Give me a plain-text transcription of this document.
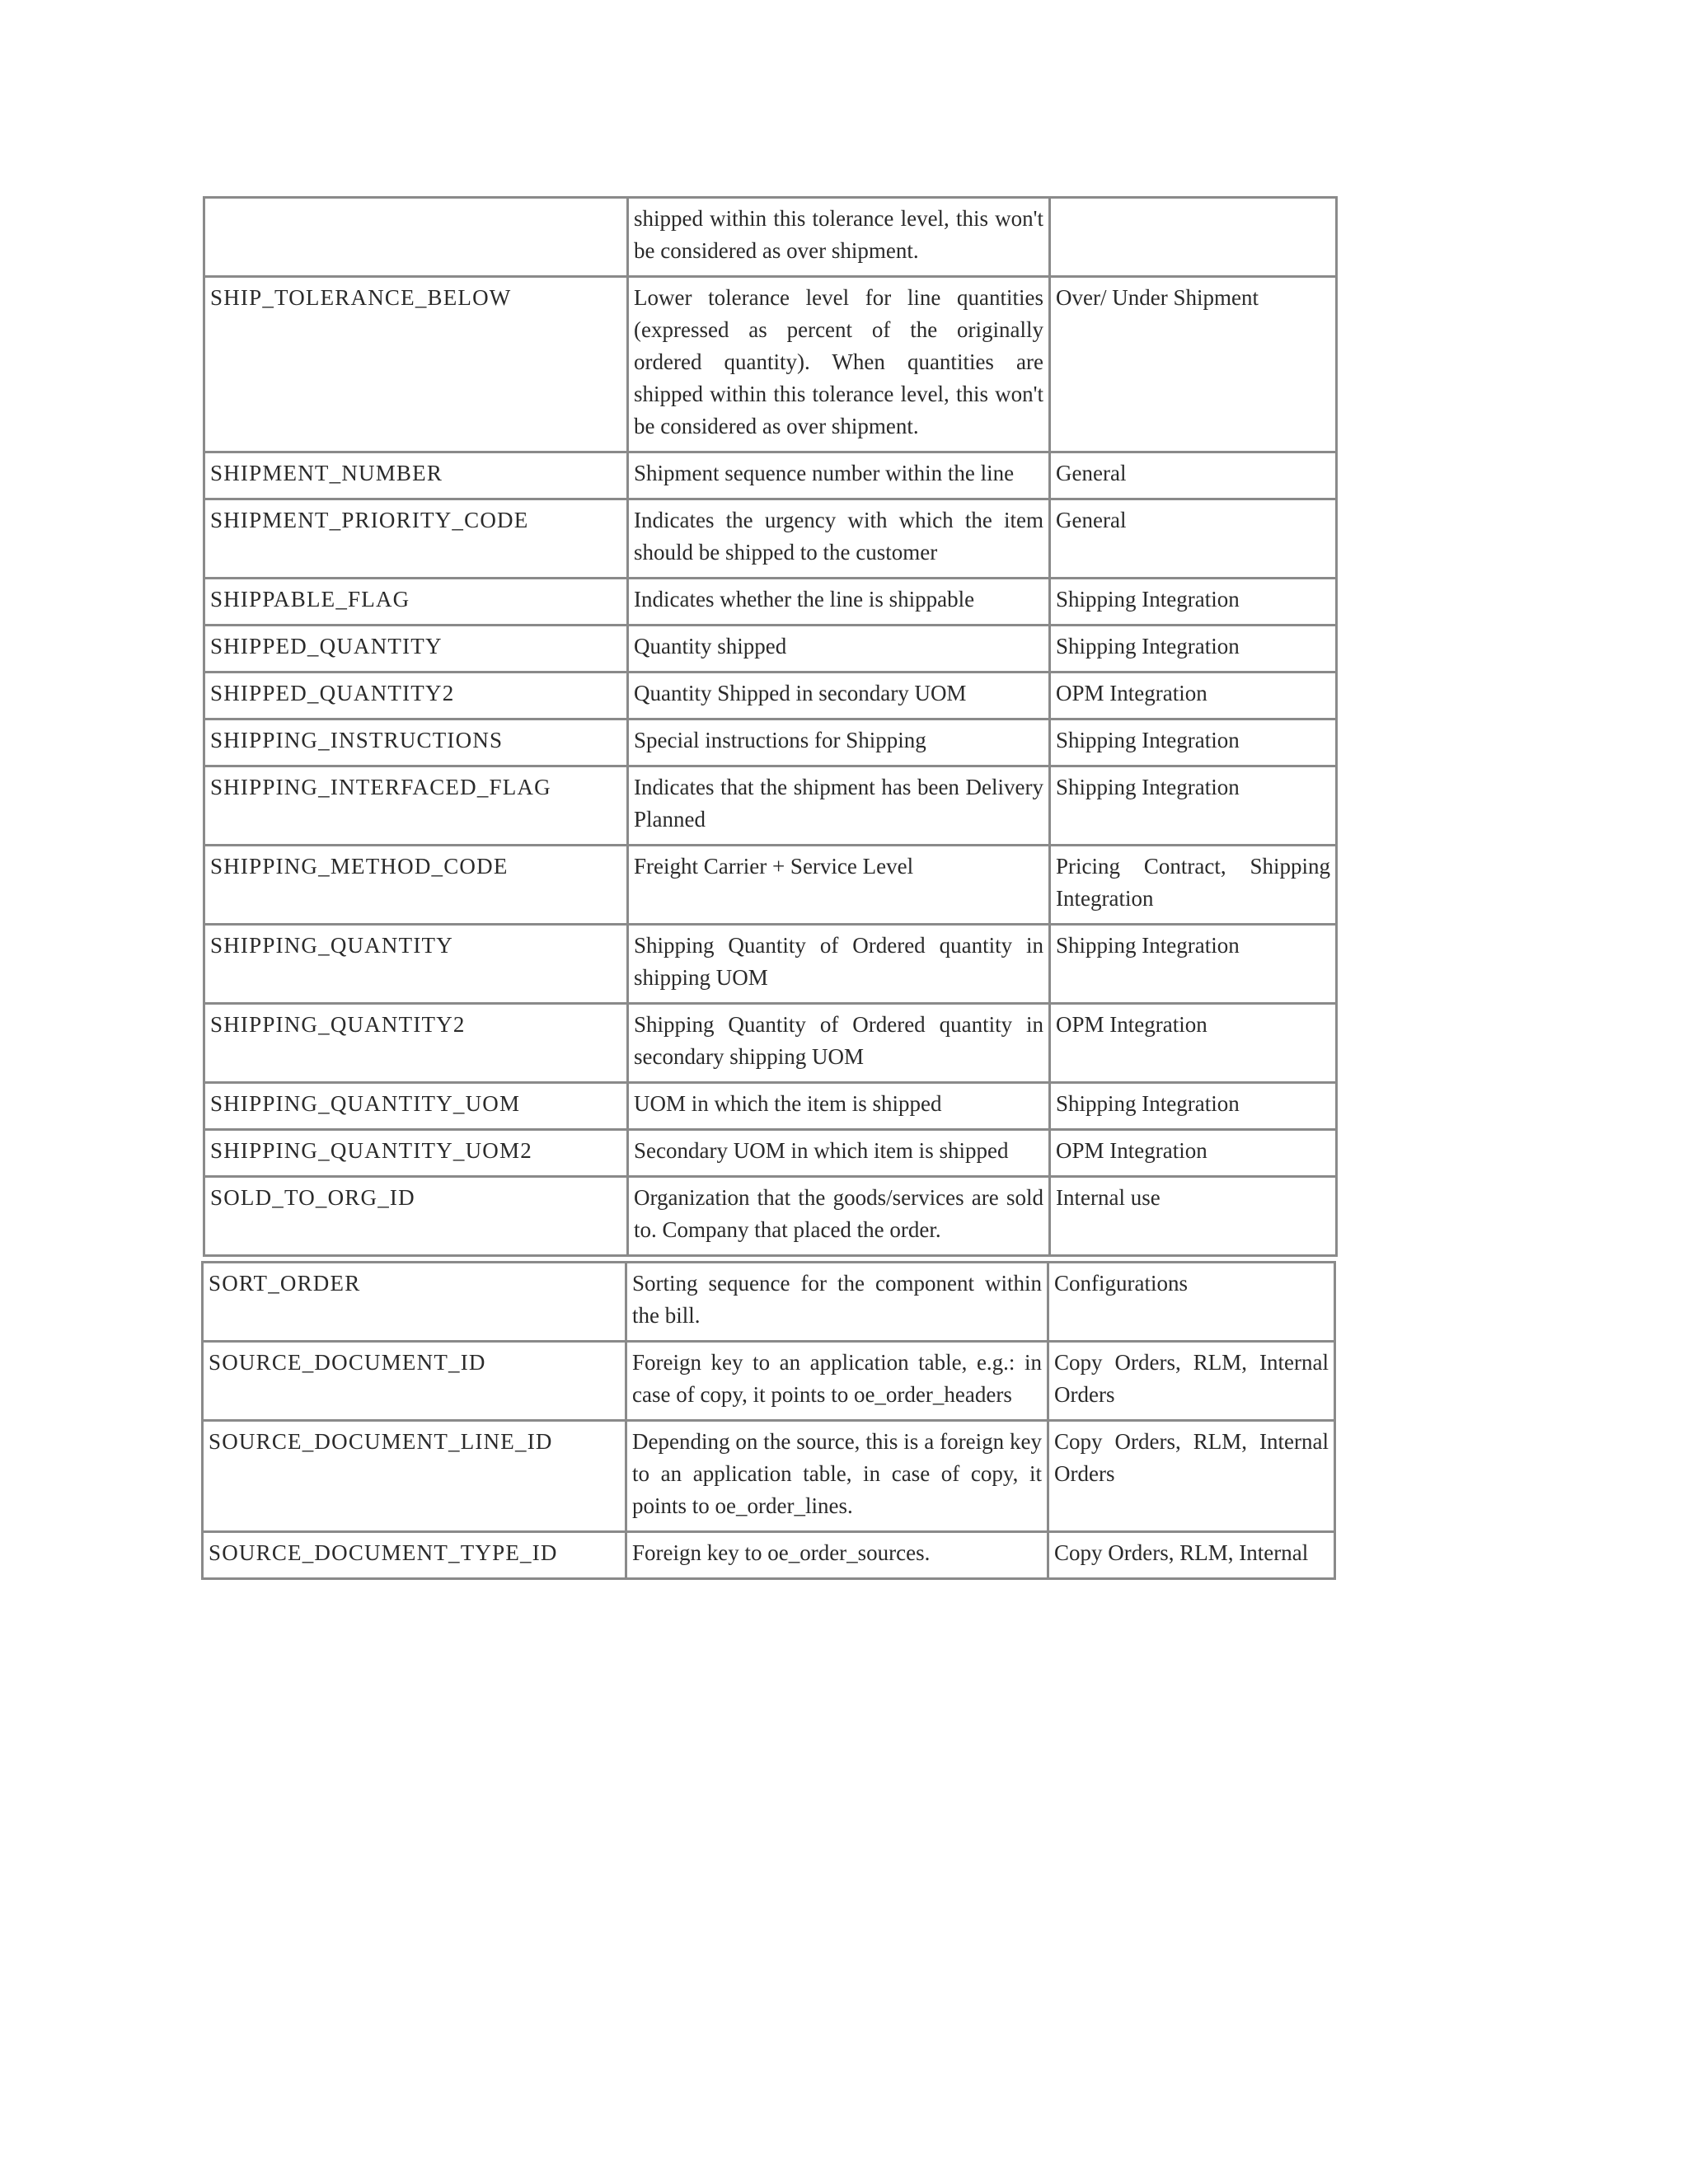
	shipped within this tolerance level, this won't be considered as over shipment.	
SHIP_TOLERANCE_BELOW	Lower tolerance level for line quantities (expressed as percent of the originally ordered quantity). When quantities are shipped within this tolerance level, this won't be considered as over shipment.	Over/ Under Shipment
SHIPMENT_NUMBER	Shipment sequence number within the line	General
SHIPMENT_PRIORITY_CODE	Indicates the urgency with which the item should be shipped to the customer	General
SHIPPABLE_FLAG	Indicates whether the line is shippable	Shipping Integration
SHIPPED_QUANTITY	Quantity shipped	Shipping Integration
SHIPPED_QUANTITY2	Quantity Shipped in secondary UOM	OPM Integration
SHIPPING_INSTRUCTIONS	Special instructions for Shipping	Shipping Integration
SHIPPING_INTERFACED_FLAG	Indicates that the shipment has been Delivery Planned	Shipping Integration
SHIPPING_METHOD_CODE	Freight Carrier + Service Level	Pricing Contract, Shipping Integration
SHIPPING_QUANTITY	Shipping Quantity of Ordered quantity in shipping UOM	Shipping Integration
SHIPPING_QUANTITY2	Shipping Quantity of Ordered quantity in secondary shipping UOM	OPM Integration
SHIPPING_QUANTITY_UOM	UOM in which the item is shipped	Shipping Integration
SHIPPING_QUANTITY_UOM2	Secondary UOM in which item is shipped	OPM Integration
SOLD_TO_ORG_ID	Organization that the goods/services are sold to. Company that placed the order.	Internal use
SORT_ORDER	Sorting sequence for the component within the bill.	Configurations
SOURCE_DOCUMENT_ID	Foreign key to an application table, e.g.: in case of copy, it points to oe_order_headers	Copy Orders, RLM, Internal Orders
SOURCE_DOCUMENT_LINE_ID	Depending on the source, this is a foreign key to an application table, in case of copy, it points to oe_order_lines.	Copy Orders, RLM, Internal Orders
SOURCE_DOCUMENT_TYPE_ID	Foreign key to oe_order_sources.	Copy Orders, RLM, Internal
